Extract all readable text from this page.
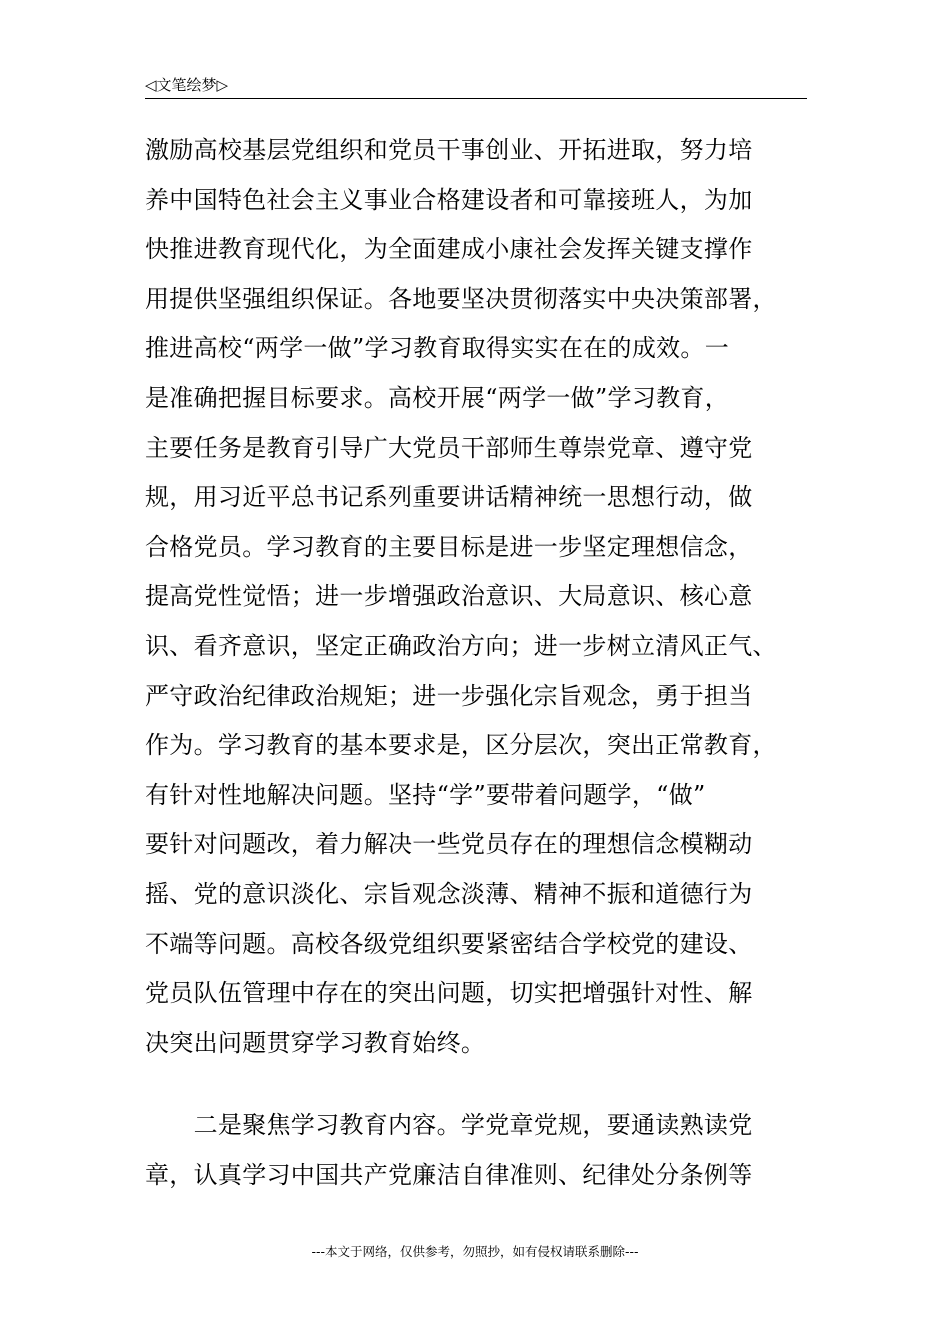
◁文笔绘梦▷
激励高校基层党组织和党员干事创业、开拓进取，努力培
养中国特色社会主义事业合格建设者和可靠接班人，为加
快推进教育现代化，为全面建成小康社会发挥关键支撑作
用提供坚强组织保证。各地要坚决贯彻落实中央决策部署，
推进高校“两学一做”学习教育取得实实在在的成效。一
是准确把握目标要求。高校开展“两学一做”学习教育，
主要任务是教育引导广大党员干部师生尊崇党章、遵守党
规，用习近平总书记系列重要讲话精神统一思想行动，做
合格党员。学习教育的主要目标是进一步坚定理想信念，
提高党性觉悟；进一步增强政治意识、大局意识、核心意
识、看齐意识，坚定正确政治方向；进一步树立清风正气、
严守政治纪律政治规矩；进一步强化宗旨观念，勇于担当
作为。学习教育的基本要求是，区分层次，突出正常教育，
有针对性地解决问题。坚持“学”要带着问题学，“做”
要针对问题改，着力解决一些党员存在的理想信念模糊动
摇、党的意识淡化、宗旨观念淡薄、精神不振和道德行为
不端等问题。高校各级党组织要紧密结合学校党的建设、
党员队伍管理中存在的突出问题，切实把增强针对性、解
决突出问题贯穿学习教育始终。
　　二是聚焦学习教育内容。学党章党规，要通读熟读党
章，认真学习中国共产党廉洁自律准则、纪律处分条例等
---本文于网络，仅供参考，勿照抄，如有侵权请联系删除---
